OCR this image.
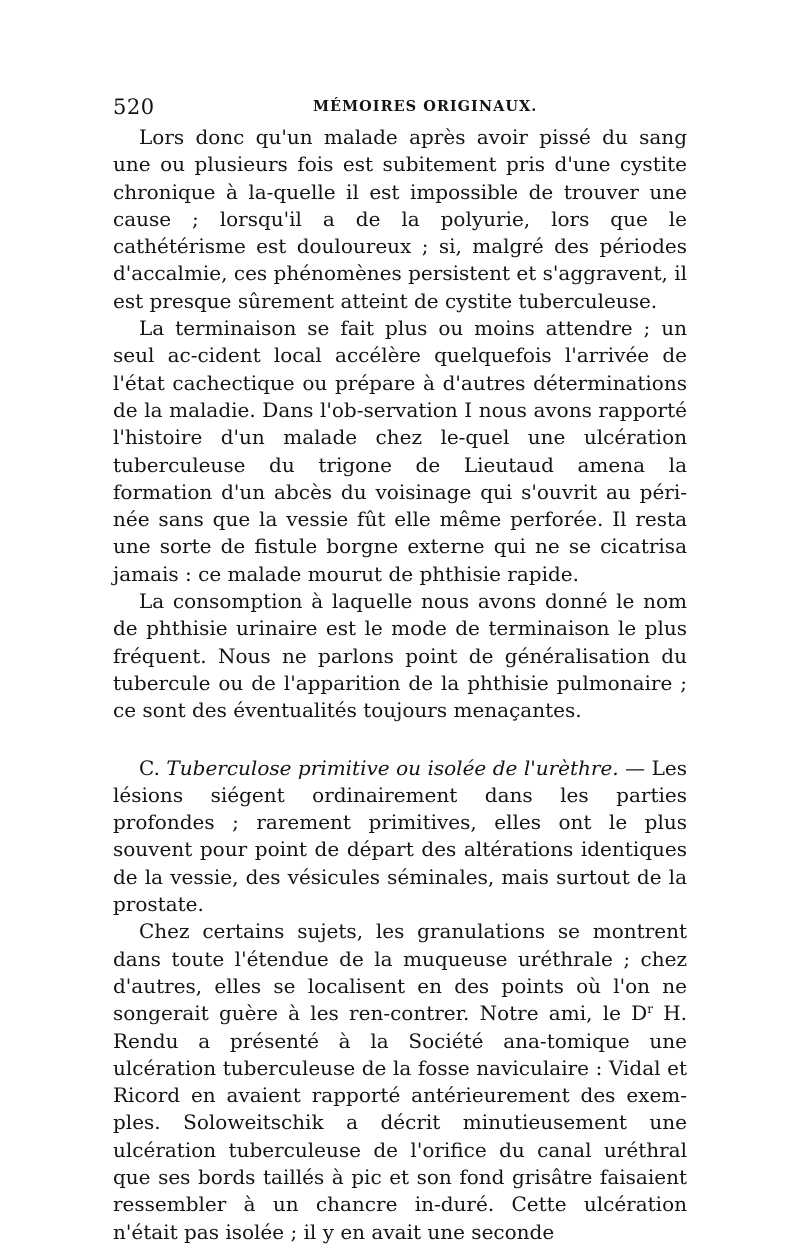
520	MÉMOIRES ORIGINAUX.

Lors donc qu'un malade après avoir pissé du sang une ou plusieurs fois est subitement pris d'une cystite chronique à la-quelle il est impossible de trouver une cause ; lorsqu'il a de la polyurie, lors que le cathétérisme est douloureux ; si, malgré des périodes d'accalmie, ces phénomènes persistent et s'aggravent, il est presque sûrement atteint de cystite tuberculeuse.

La terminaison se fait plus ou moins attendre ; un seul ac-cident local accélère quelquefois l'arrivée de l'état cachectique ou prépare à d'autres déterminations de la maladie. Dans l'ob-servation I nous avons rapporté l'histoire d'un malade chez le-quel une ulcération tuberculeuse du trigone de Lieutaud amena la formation d'un abcès du voisinage qui s'ouvrit au péri-née sans que la vessie fût elle même perforée. Il resta une sorte de fistule borgne externe qui ne se cicatrisa jamais : ce malade mourut de phthisie rapide.

La consomption à laquelle nous avons donné le nom de phthisie urinaire est le mode de terminaison le plus fréquent. Nous ne parlons point de généralisation du tubercule ou de l'apparition de la phthisie pulmonaire ; ce sont des éventualités toujours menaçantes.

C. Tuberculose primitive ou isolée de l'urèthre. — Les lésions siégent ordinairement dans les parties profondes ; rarement primitives, elles ont le plus souvent pour point de départ des altérations identiques de la vessie, des vésicules séminales, mais surtout de la prostate.

Chez certains sujets, les granulations se montrent dans toute l'étendue de la muqueuse uréthrale ; chez d'autres, elles se localisent en des points où l'on ne songerait guère à les ren-contrer. Notre ami, le $D^r$ H. Rendu a présenté à la Société ana-tomique une ulcération tuberculeuse de la fosse naviculaire : Vidal et Ricord en avaient rapporté antérieurement des exem-ples. Soloweitschik a décrit minutieusement une ulcération tuberculeuse de l'orifice du canal uréthral que ses bords taillés à pic et son fond grisâtre faisaient ressembler à un chancre in-duré. Cette ulcération n'était pas isolée ; il y en avait une seconde
